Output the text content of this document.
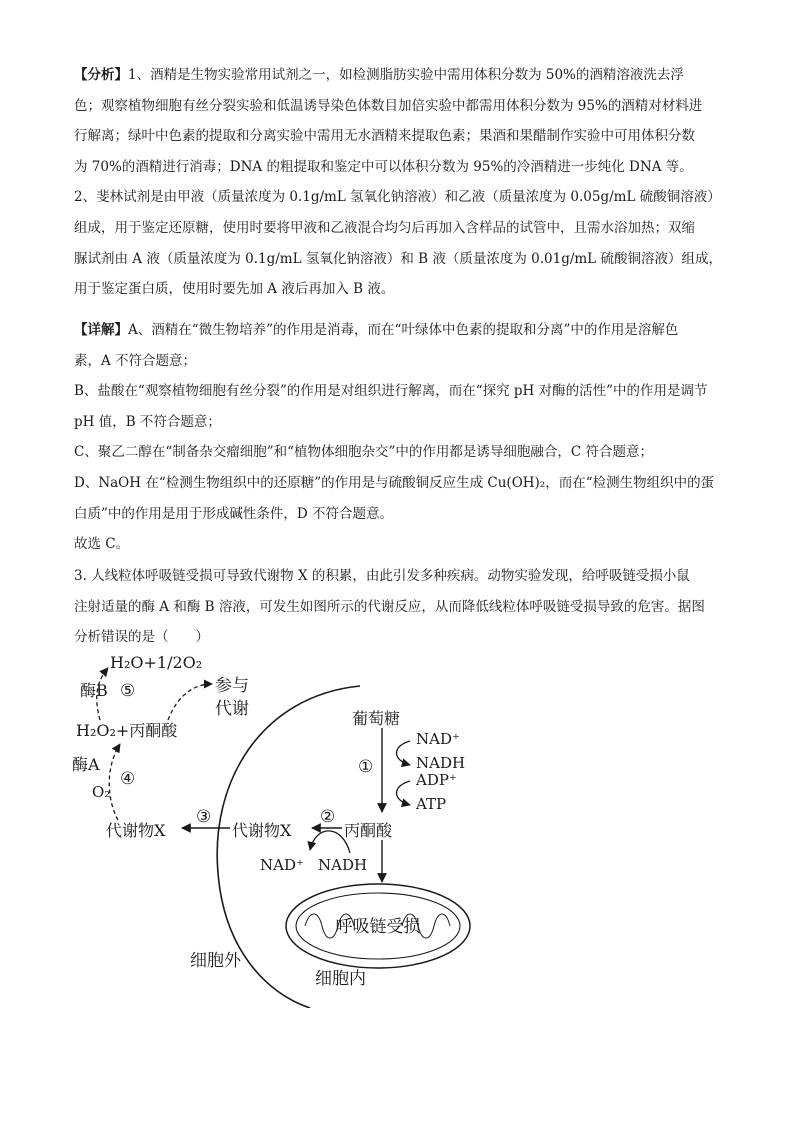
【分析】1、酒精是生物实验常用试剂之一，如检测脂肪实验中需用体积分数为 50%的酒精溶液洗去浮
色；观察植物细胞有丝分裂实验和低温诱导染色体数目加倍实验中都需用体积分数为 95%的酒精对材料进
行解离；绿叶中色素的提取和分离实验中需用无水酒精来提取色素；果酒和果醋制作实验中可用体积分数
为 70%的酒精进行消毒；DNA 的粗提取和鉴定中可以体积分数为 95%的冷酒精进一步纯化 DNA 等。
2、斐林试剂是由甲液（质量浓度为 0.1g/mL 氢氧化钠溶液）和乙液（质量浓度为 0.05g/mL 硫酸铜溶液）
组成，用于鉴定还原糖，使用时要将甲液和乙液混合均匀后再加入含样品的试管中，且需水浴加热；双缩
脲试剂由 A 液（质量浓度为 0.1g/mL 氢氧化钠溶液）和 B 液（质量浓度为 0.01g/mL 硫酸铜溶液）组成，
用于鉴定蛋白质，使用时要先加 A 液后再加入 B 液。
【详解】A、酒精在“微生物培养”的作用是消毒，而在“叶绿体中色素的提取和分离”中的作用是溶解色
素，A 不符合题意；
B、盐酸在“观察植物细胞有丝分裂”的作用是对组织进行解离，而在“探究 pH 对酶的活性”中的作用是调节
pH 值，B 不符合题意；
C、聚乙二醇在“制备杂交瘤细胞”和“植物体细胞杂交”中的作用都是诱导细胞融合，C 符合题意；
D、NaOH 在“检测生物组织中的还原糖”的作用是与硫酸铜反应生成 Cu(OH)₂，而在“检测生物组织中的蛋
白质”中的作用是用于形成碱性条件，D 不符合题意。
故选 C。
3. 人线粒体呼吸链受损可导致代谢物 X 的积累，由此引发多种疾病。动物实验发现，给呼吸链受损小鼠
注射适量的酶 A 和酶 B 溶液，可发生如图所示的代谢反应，从而降低线粒体呼吸链受损导致的危害。据图
分析错误的是（　　）
H₂O+1/2O₂
酶B ⑤	参与
代谢
H₂O₂+丙酮酸
酶A
④
O₂
代谢物X
③
代谢物X
②
丙酮酸
NAD⁺ NADH
葡萄糖
①
NAD⁺
NADH
ADP⁺
ATP
呼吸链受损
细胞外
细胞内
